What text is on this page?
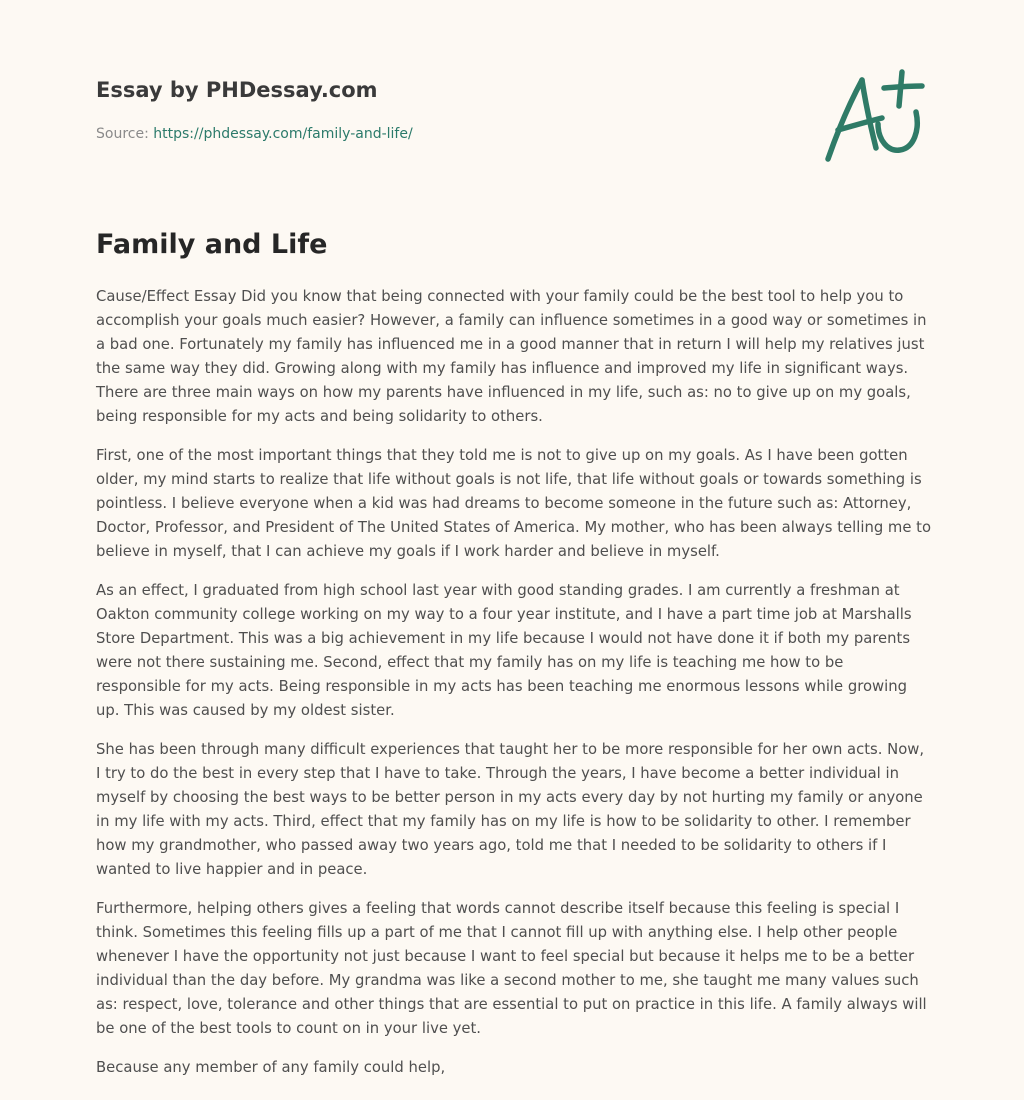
Essay by PHDessay.com
Source: https://phdessay.com/family-and-life/
Family and Life

Cause/Effect Essay Did you know that being connected with your family could be the best tool to help you to accomplish your goals much easier? However, a family can influence sometimes in a good way or sometimes in a bad one. Fortunately my family has influenced me in a good manner that in return I will help my relatives just the same way they did. Growing along with my family has influence and improved my life in significant ways. There are three main ways on how my parents have influenced in my life, such as: no to give up on my goals, being responsible for my acts and being solidarity to others.

First, one of the most important things that they told me is not to give up on my goals. As I have been gotten older, my mind starts to realize that life without goals is not life, that life without goals or towards something is pointless. I believe everyone when a kid was had dreams to become someone in the future such as: Attorney, Doctor, Professor, and President of The United States of America. My mother, who has been always telling me to believe in myself, that I can achieve my goals if I work harder and believe in myself.

As an effect, I graduated from high school last year with good standing grades. I am currently a freshman at Oakton community college working on my way to a four year institute, and I have a part time job at Marshalls Store Department. This was a big achievement in my life because I would not have done it if both my parents were not there sustaining me. Second, effect that my family has on my life is teaching me how to be responsible for my acts. Being responsible in my acts has been teaching me enormous lessons while growing up. This was caused by my oldest sister.

She has been through many difficult experiences that taught her to be more responsible for her own acts. Now, I try to do the best in every step that I have to take. Through the years, I have become a better individual in myself by choosing the best ways to be better person in my acts every day by not hurting my family or anyone in my life with my acts. Third, effect that my family has on my life is how to be solidarity to other. I remember how my grandmother, who passed away two years ago, told me that I needed to be solidarity to others if I wanted to live happier and in peace.

Furthermore, helping others gives a feeling that words cannot describe itself because this feeling is special I think. Sometimes this feeling fills up a part of me that I cannot fill up with anything else. I help other people whenever I have the opportunity not just because I want to feel special but because it helps me to be a better individual than the day before. My grandma was like a second mother to me, she taught me many values such as: respect, love, tolerance and other things that are essential to put on practice in this life. A family always will be one of the best tools to count on in your live yet.

Because any member of any family could help,
